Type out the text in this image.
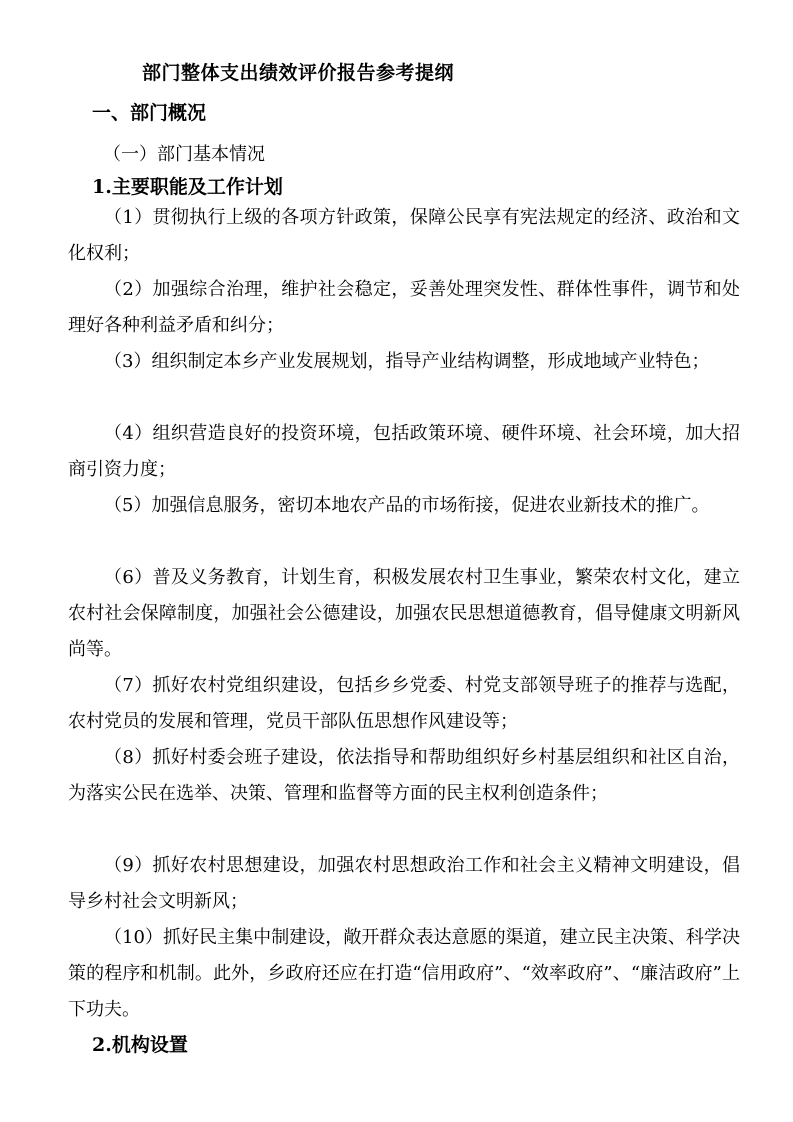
部门整体支出绩效评价报告参考提纲
一、部门概况
（一）部门基本情况
1.主要职能及工作计划

（1）贯彻执行上级的各项方针政策，保障公民享有宪法规定的经济、政治和文化权利；

（2）加强综合治理，维护社会稳定，妥善处理突发性、群体性事件，调节和处理好各种利益矛盾和纠分；

（3）组织制定本乡产业发展规划，指导产业结构调整，形成地域产业特色；

（4）组织营造良好的投资环境，包括政策环境、硬件环境、社会环境，加大招商引资力度；

（5）加强信息服务，密切本地农产品的市场衔接，促进农业新技术的推广。

（6）普及义务教育，计划生育，积极发展农村卫生事业，繁荣农村文化，建立农村社会保障制度，加强社会公德建设，加强农民思想道德教育，倡导健康文明新风尚等。

（7）抓好农村党组织建设，包括乡乡党委、村党支部领导班子的推荐与选配，农村党员的发展和管理，党员干部队伍思想作风建设等；

（8）抓好村委会班子建设，依法指导和帮助组织好乡村基层组织和社区自治，为落实公民在选举、决策、管理和监督等方面的民主权利创造条件；

（9）抓好农村思想建设，加强农村思想政治工作和社会主义精神文明建设，倡导乡村社会文明新风；

（10）抓好民主集中制建设，敞开群众表达意愿的渠道，建立民主决策、科学决策的程序和机制。此外，乡政府还应在打造“信用政府”、“效率政府”、“廉洁政府”上下功夫。

2.机构设置
